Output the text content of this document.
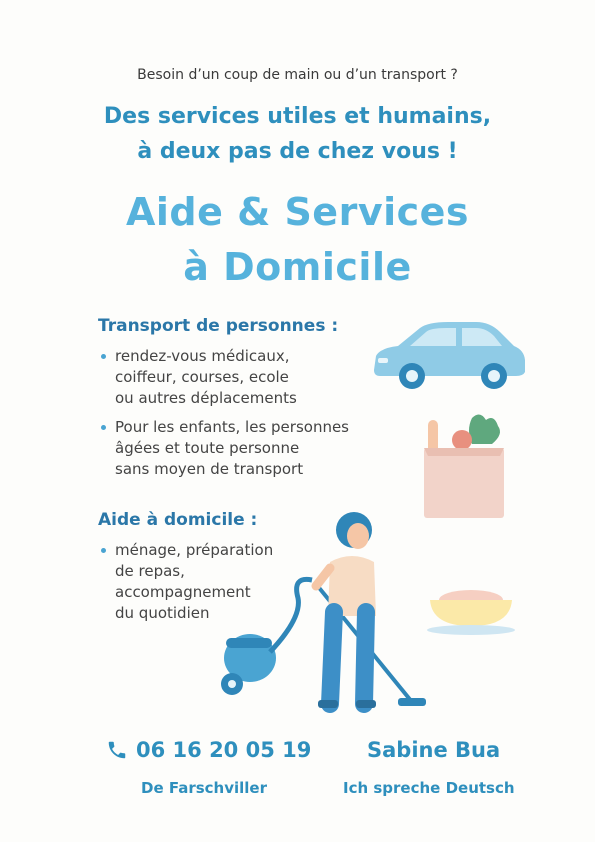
Besoin d’un coup de main ou d’un transport ?
Des services utiles et humains,
à deux pas de chez vous !
Aide & Services
à Domicile
Transport de personnes :
rendez-vous médicaux,
coiffeur, courses, ecole
ou autres déplacements
Pour les enfants, les personnes
âgées et toute personne
sans moyen de transport
Aide à domicile :
ménage, préparation
de repas,
accompagnement
du quotidien
06 16 20 05 19	Sabine Bua
De Farschviller	Ich spreche Deutsch
